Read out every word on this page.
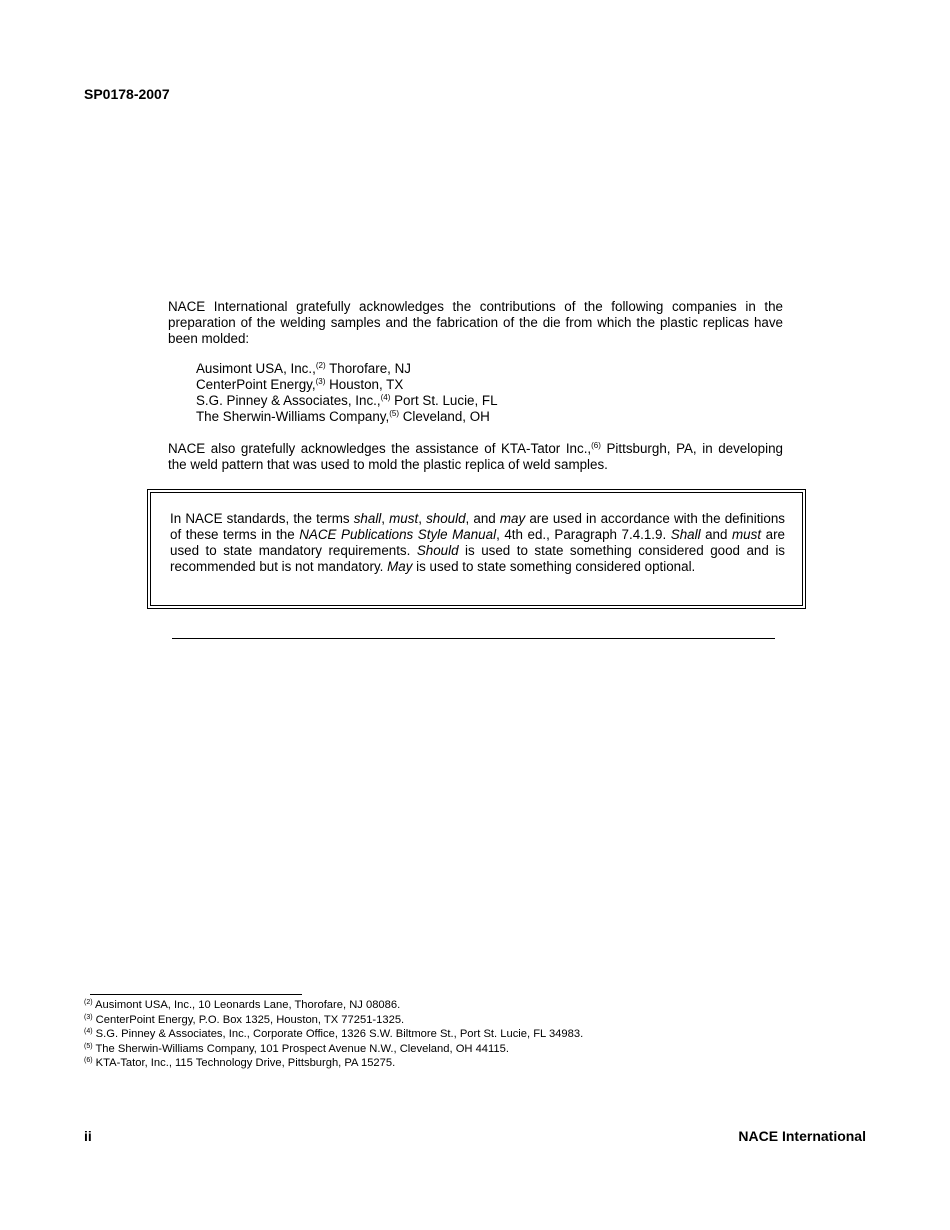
SP0178-2007

NACE International gratefully acknowledges the contributions of the following companies in the preparation of the welding samples and the fabrication of the die from which the plastic replicas have been molded:

Ausimont USA, Inc.,$^{(2)}$ Thorofare, NJ
CenterPoint Energy,$^{(3)}$ Houston, TX
S.G. Pinney & Associates, Inc.,$^{(4)}$ Port St. Lucie, FL
The Sherwin-Williams Company,$^{(5)}$ Cleveland, OH

NACE also gratefully acknowledges the assistance of KTA-Tator Inc.,$^{(6)}$ Pittsburgh, PA, in developing the weld pattern that was used to mold the plastic replica of weld samples.

In NACE standards, the terms shall, must, should, and may are used in accordance with the definitions of these terms in the NACE Publications Style Manual, 4th ed., Paragraph 7.4.1.9. Shall and must are used to state mandatory requirements. Should is used to state something considered good and is recommended but is not mandatory. May is used to state something considered optional.

$^{(2)}$ Ausimont USA, Inc., 10 Leonards Lane, Thorofare, NJ 08086.
$^{(3)}$ CenterPoint Energy, P.O. Box 1325, Houston, TX 77251-1325.
$^{(4)}$ S.G. Pinney & Associates, Inc., Corporate Office, 1326 S.W. Biltmore St., Port St. Lucie, FL 34983.
$^{(5)}$ The Sherwin-Williams Company, 101 Prospect Avenue N.W., Cleveland, OH 44115.
$^{(6)}$ KTA-Tator, Inc., 115 Technology Drive, Pittsburgh, PA 15275.
ii	NACE International
